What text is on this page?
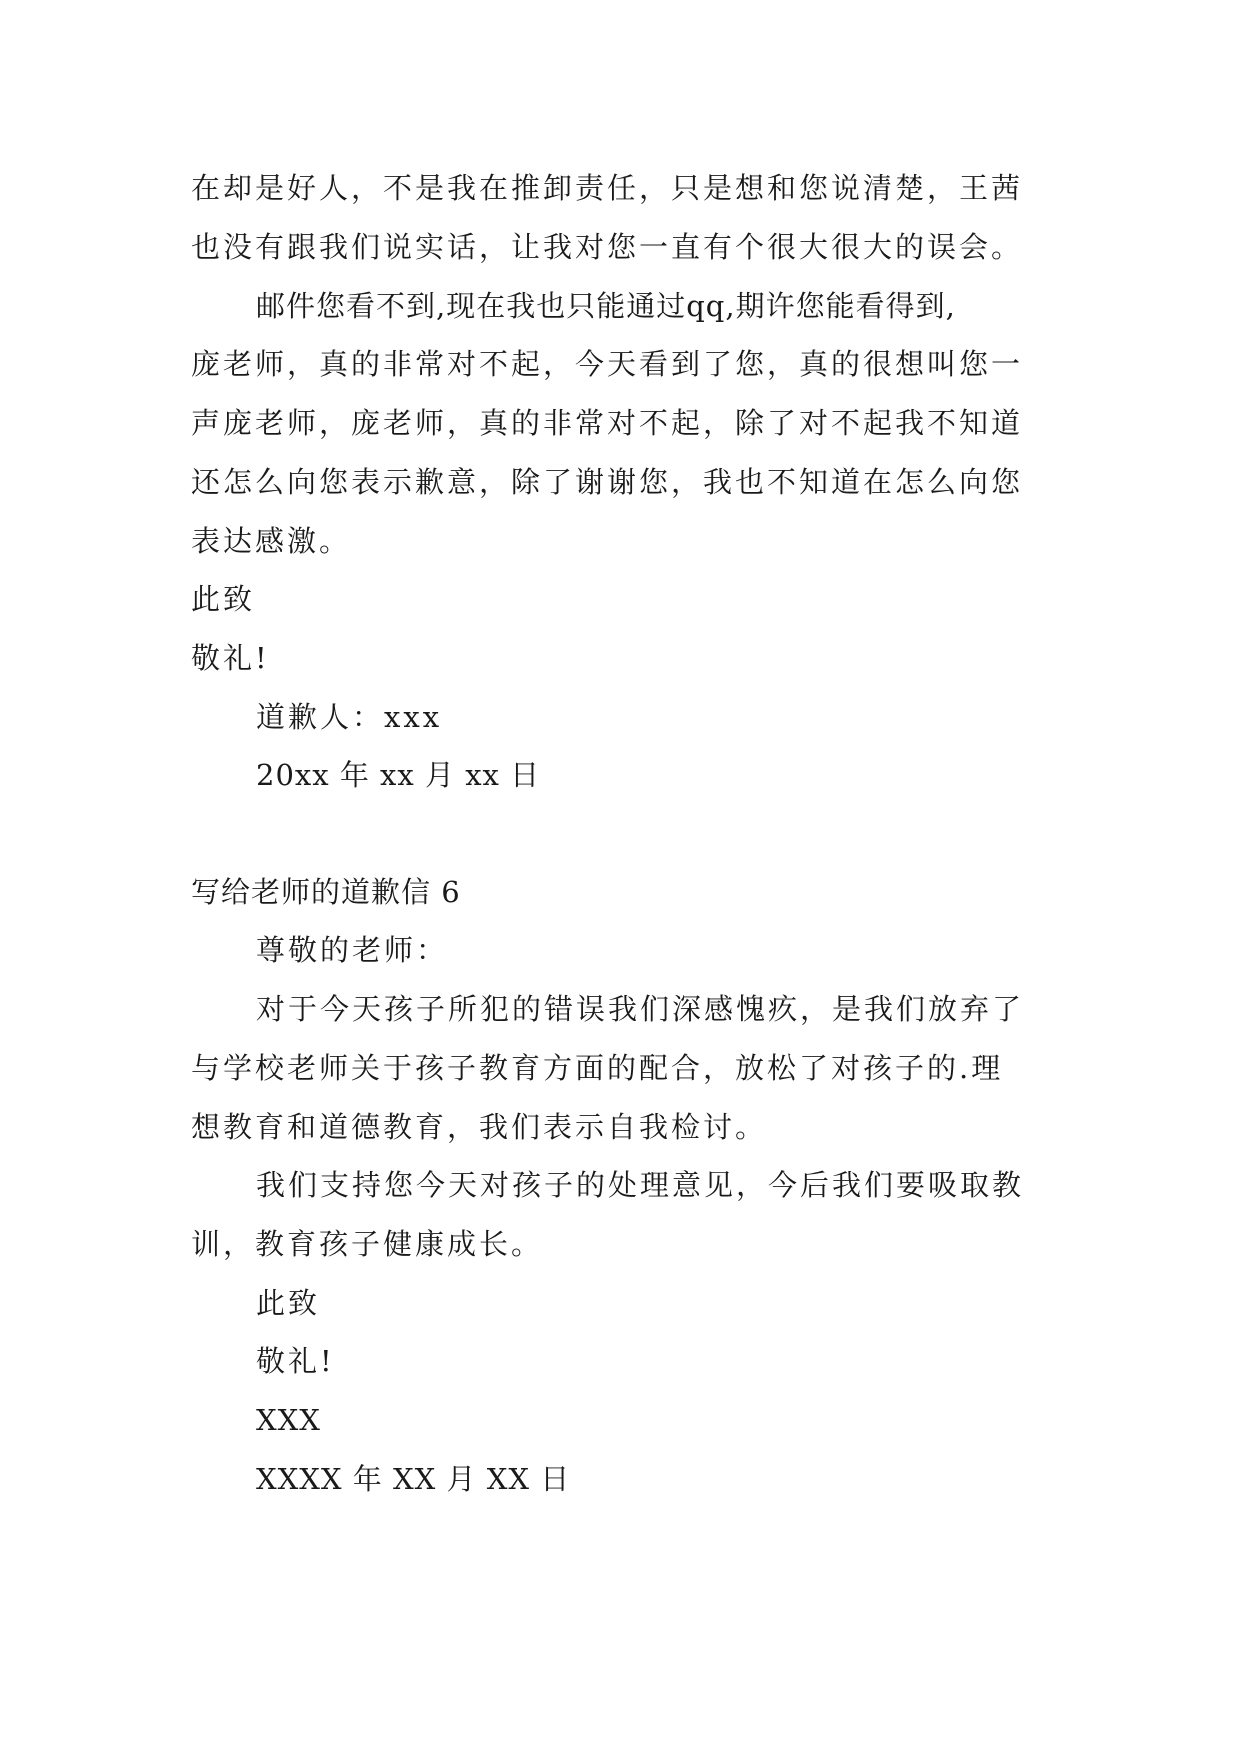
在却是好人，不是我在推卸责任，只是想和您说清楚，王茜
也没有跟我们说实话，让我对您一直有个很大很大的误会。
邮件您看不到,现在我也只能通过qq,期许您能看得到,
庞老师，真的非常对不起，今天看到了您，真的很想叫您一
声庞老师，庞老师，真的非常对不起，除了对不起我不知道
还怎么向您表示歉意，除了谢谢您，我也不知道在怎么向您
表达感激。
此致
敬礼!
道歉人：xxx
20xx 年 xx 月 xx 日
写给老师的道歉信 6
尊敬的老师：
对于今天孩子所犯的错误我们深感愧疚，是我们放弃了
与学校老师关于孩子教育方面的配合，放松了对孩子的.理
想教育和道德教育，我们表示自我检讨。
我们支持您今天对孩子的处理意见，今后我们要吸取教
训，教育孩子健康成长。
此致
敬礼!
XXX
XXXX 年 XX 月 XX 日
